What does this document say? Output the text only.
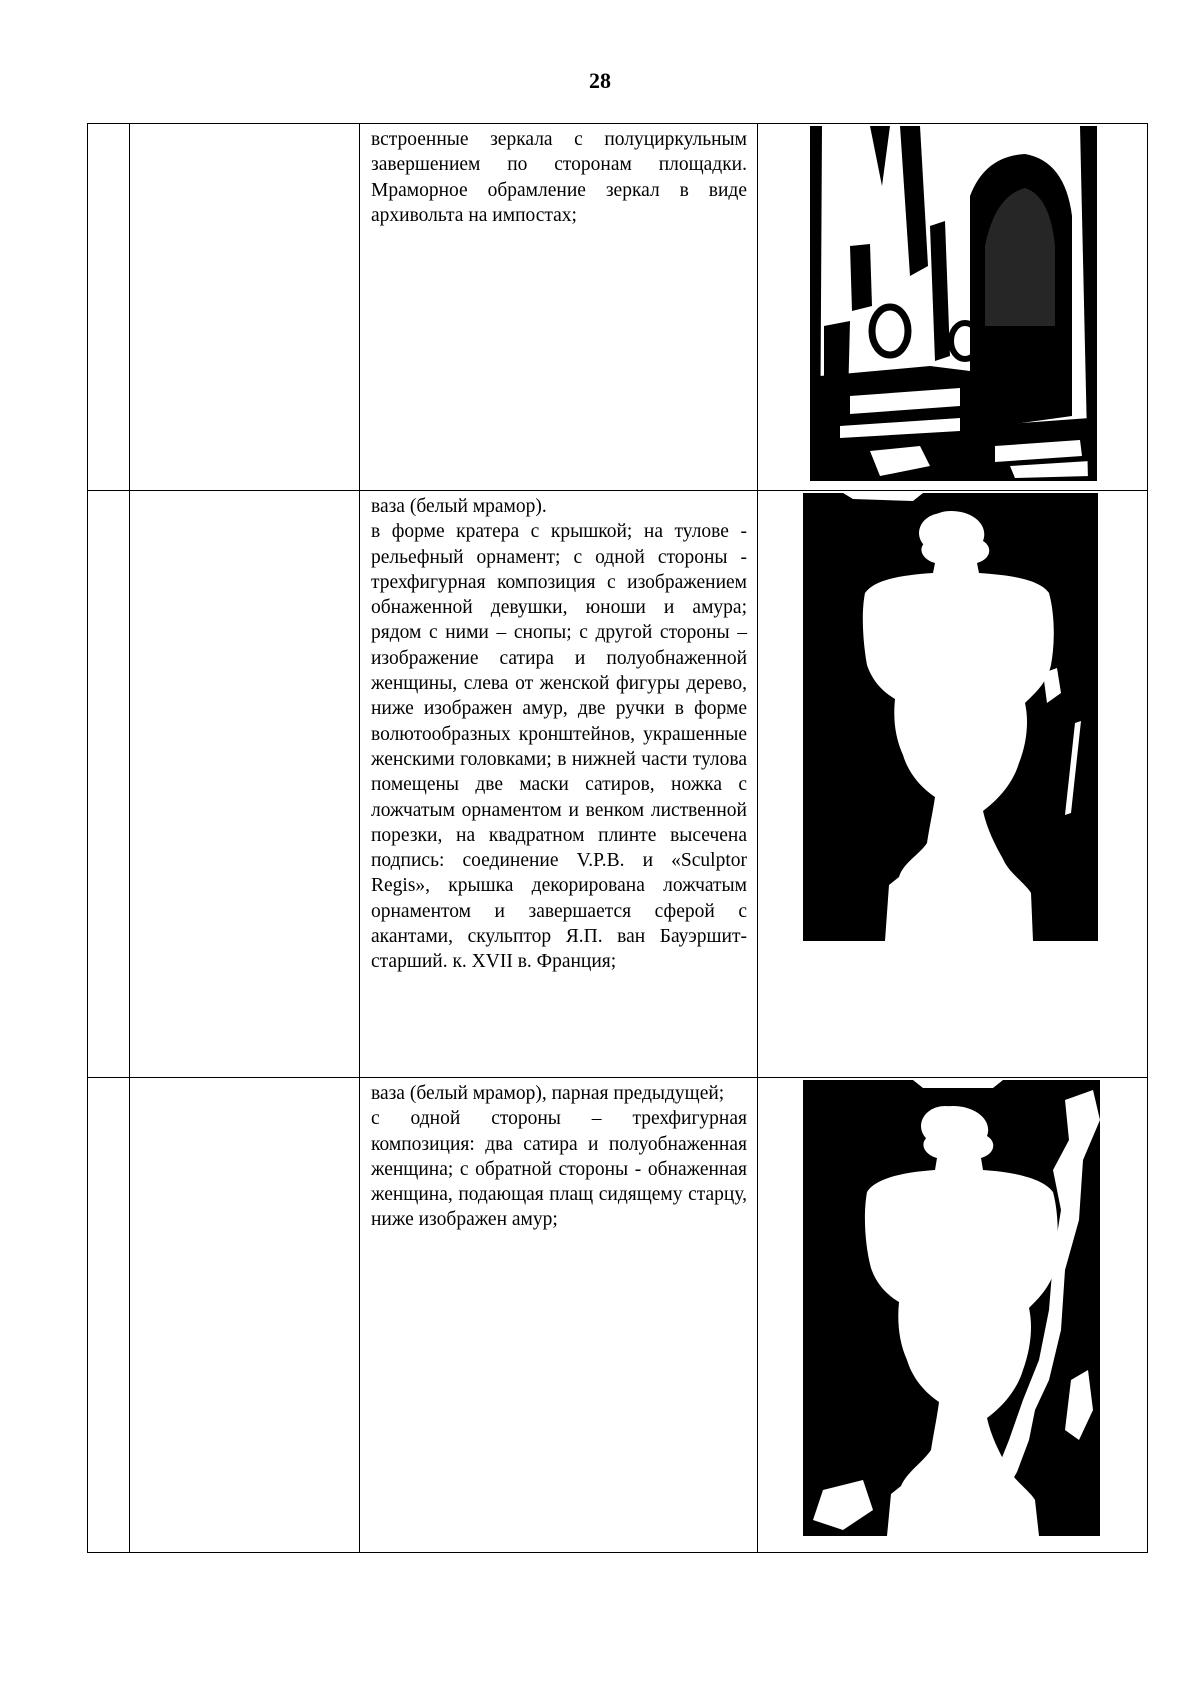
28

		встроенные зеркала с полуциркульным завершением по сторонам площадки. Мраморное обрамление зеркал в виде архивольта на импостах;

		ваза (белый мрамор).

в форме кратера с крышкой; на тулове - рельефный орнамент; с одной стороны - трехфигурная композиция с изображением обнаженной девушки, юноши и амура; рядом с ними – снопы; с другой стороны – изображение сатира и полуобнаженной женщины, слева от женской фигуры дерево, ниже изображен амур, две ручки в форме волютообразных кронштейнов, украшенные женскими головками; в нижней части тулова помещены две маски сатиров, ножка с ложчатым орнаментом и венком лиственной порезки, на квадратном плинте высечена подпись: соединение V.P.B. и «Sculptor Regis», крышка декорирована ложчатым орнаментом и завершается сферой с акантами, скульптор Я.П. ван Бауэршит-старший. к. XVII в. Франция;

		ваза (белый мрамор), парная предыдущей;

с одной стороны – трехфигурная композиция: два сатира и полуобнаженная женщина; с обратной стороны - обнаженная женщина, подающая плащ сидящему старцу, ниже изображен амур;
